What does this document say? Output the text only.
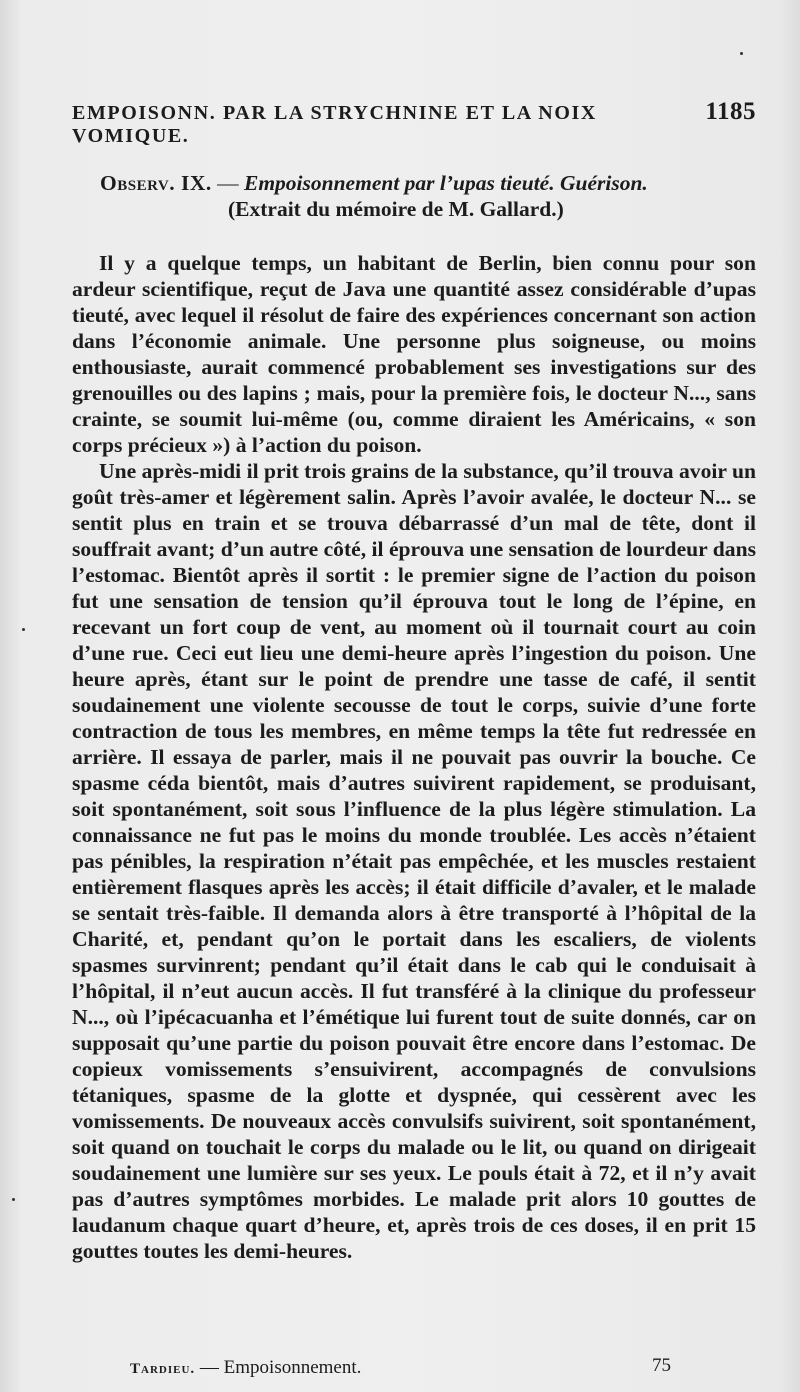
EMPOISONN. PAR LA STRYCHNINE ET LA NOIX VOMIQUE.
1185
Observ. IX. — Empoisonnement par l’upas tieuté. Guérison.
(Extrait du mémoire de M. Gallard.)

Il y a quelque temps, un habitant de Berlin, bien connu pour son ardeur scientifique, reçut de Java une quantité assez considérable d’upas tieuté, avec lequel il résolut de faire des expériences concernant son action dans l’économie animale. Une personne plus soigneuse, ou moins enthousiaste, aurait commencé probablement ses investigations sur des grenouilles ou des lapins ; mais, pour la première fois, le docteur N..., sans crainte, se soumit lui-même (ou, comme diraient les Américains, « son corps précieux ») à l’action du poison.

Une après-midi il prit trois grains de la substance, qu’il trouva avoir un goût très-amer et légèrement salin. Après l’avoir avalée, le docteur N... se sentit plus en train et se trouva débarrassé d’un mal de tête, dont il souffrait avant; d’un autre côté, il éprouva une sensation de lourdeur dans l’estomac. Bientôt après il sortit : le premier signe de l’action du poison fut une sensation de tension qu’il éprouva tout le long de l’épine, en recevant un fort coup de vent, au moment où il tournait court au coin d’une rue. Ceci eut lieu une demi-heure après l’ingestion du poison. Une heure après, étant sur le point de prendre une tasse de café, il sentit soudainement une violente secousse de tout le corps, suivie d’une forte contraction de tous les membres, en même temps la tête fut redressée en arrière. Il essaya de parler, mais il ne pouvait pas ouvrir la bouche. Ce spasme céda bientôt, mais d’autres suivirent rapidement, se produisant, soit spontanément, soit sous l’influence de la plus légère stimulation. La connaissance ne fut pas le moins du monde troublée. Les accès n’étaient pas pénibles, la respiration n’était pas empêchée, et les muscles restaient entièrement flasques après les accès; il était difficile d’avaler, et le malade se sentait très-faible. Il demanda alors à être transporté à l’hôpital de la Charité, et, pendant qu’on le portait dans les escaliers, de violents spasmes survinrent; pendant qu’il était dans le cab qui le conduisait à l’hôpital, il n’eut aucun accès. Il fut transféré à la clinique du professeur N..., où l’ipécacuanha et l’émétique lui furent tout de suite donnés, car on supposait qu’une partie du poison pouvait être encore dans l’estomac. De copieux vomissements s’ensuivirent, accompagnés de convulsions tétaniques, spasme de la glotte et dyspnée, qui cessèrent avec les vomissements. De nouveaux accès convulsifs suivirent, soit spontanément, soit quand on touchait le corps du malade ou le lit, ou quand on dirigeait soudainement une lumière sur ses yeux. Le pouls était à 72, et il n’y avait pas d’autres symptômes morbides. Le malade prit alors 10 gouttes de laudanum chaque quart d’heure, et, après trois de ces doses, il en prit 15 gouttes toutes les demi-heures.

Tardieu. — Empoisonnement.	75
